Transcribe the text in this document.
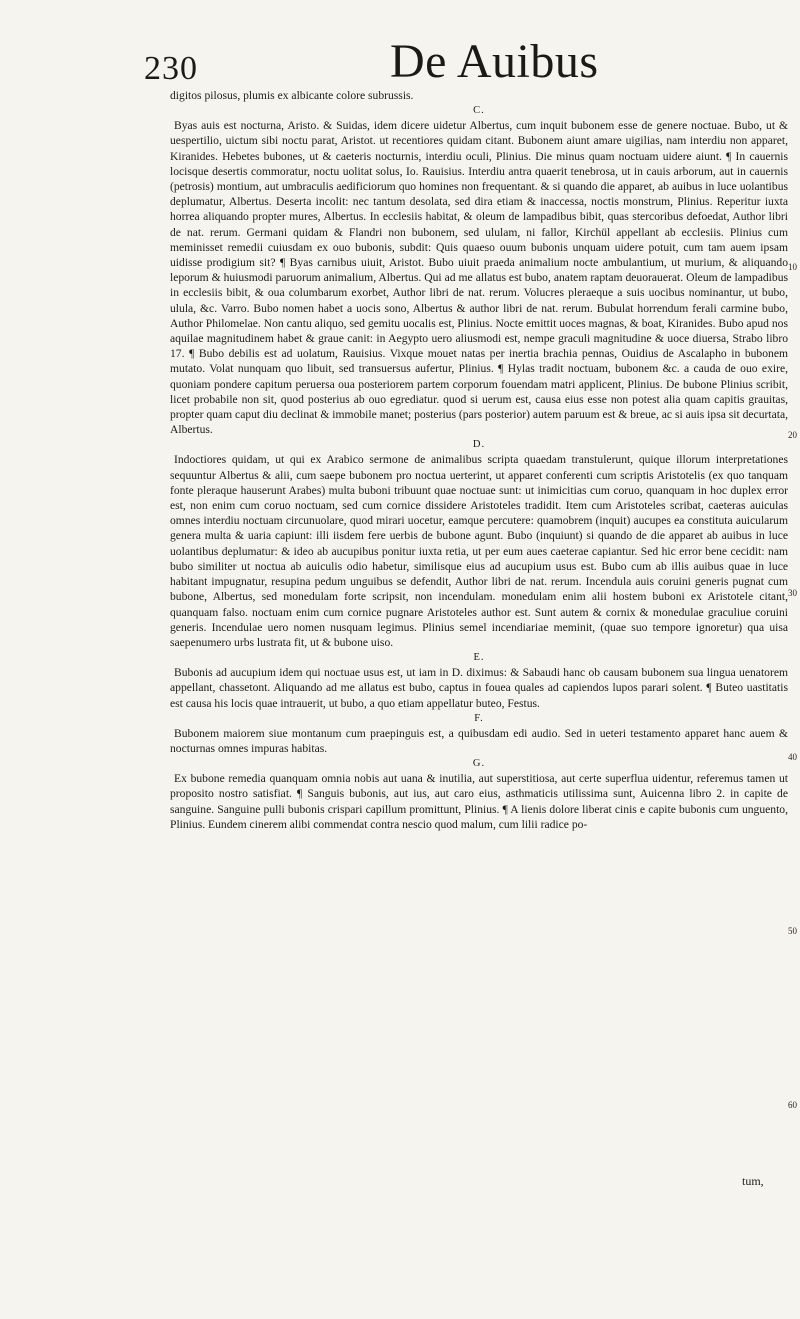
230	De Auibus

digitos pilosus, plumis ex albicante colore subrussis.

C.

Byas auis est nocturna, Aristo. & Suidas, idem dicere uidetur Albertus, cum inquit bubonem esse de genere noctuae. Bubo, ut & uespertilio, uictum sibi noctu parat, Aristot. ut recentiores quidam citant. Bubonem aiunt amare uigilias, nam interdiu non apparet, Kiranides. Hebetes bubones, ut & caeteris nocturnis, interdiu oculi, Plinius. Die minus quam noctuam uidere aiunt. ¶ In cauernis locisque desertis commoratur, noctu uolitat solus, Io. Rauisius. Interdiu antra quaerit tenebrosa, ut in cauis arborum, aut in cauernis (petrosis) montium, aut umbraculis aedificiorum quo homines non frequentant. & si quando die apparet, ab auibus in luce uolantibus deplumatur, Albertus. Deserta incolit: nec tantum desolata, sed dira etiam & inaccessa, noctis monstrum, Plinius. Reperitur iuxta horrea aliquando propter mures, Albertus. In ecclesiis habitat, & oleum de lampadibus bibit, quas stercoribus defoedat, Author libri de nat. rerum. Germani quidam & Flandri non bubonem, sed ululam, ni fallor, Kirchül appellant ab ecclesiis. Plinius cum meminisset remedii cuiusdam ex ouo bubonis, subdit: Quis quaeso ouum bubonis unquam uidere potuit, cum tam auem ipsam uidisse prodigium sit? ¶ Byas carnibus uiuit, Aristot. Bubo uiuit praeda animalium nocte ambulantium, ut murium, & aliquando leporum & huiusmodi paruorum animalium, Albertus. Qui ad me allatus est bubo, anatem raptam deuorauerat. Oleum de lampadibus in ecclesiis bibit, & oua columbarum exorbet, Author libri de nat. rerum. Volucres pleraeque a suis uocibus nominantur, ut bubo, ulula, &c. Varro. Bubo nomen habet a uocis sono, Albertus & author libri de nat. rerum. Bubulat horrendum ferali carmine bubo, Author Philomelae. Non cantu aliquo, sed gemitu uocalis est, Plinius. Nocte emittit uoces magnas, & boat, Kiranides. Bubo apud nos aquilae magnitudinem habet & graue canit: in Aegypto uero aliusmodi est, nempe graculi magnitudine & uoce diuersa, Strabo libro 17. ¶ Bubo debilis est ad uolatum, Rauisius. Vixque mouet natas per inertia brachia pennas, Ouidius de Ascalapho in bubonem mutato. Volat nunquam quo libuit, sed transuersus aufertur, Plinius. ¶ Hylas tradit noctuam, bubonem &c. a cauda de ouo exire, quoniam pondere capitum peruersa oua posteriorem partem corporum fouendam matri applicent, Plinius. De bubone Plinius scribit, licet probabile non sit, quod posterius ab ouo egrediatur. quod si uerum est, causa eius esse non potest alia quam capitis grauitas, propter quam caput diu declinat & immobile manet; posterius (pars posterior) autem paruum est & breue, ac si auis ipsa sit decurtata, Albertus.

D.

Indoctiores quidam, ut qui ex Arabico sermone de animalibus scripta quaedam transtulerunt, quique illorum interpretationes sequuntur Albertus & alii, cum saepe bubonem pro noctua uerterint, ut apparet conferenti cum scriptis Aristotelis (ex quo tanquam fonte pleraque hauserunt Arabes) multa buboni tribuunt quae noctuae sunt: ut inimicitias cum coruo, quanquam in hoc duplex error est, non enim cum coruo noctuam, sed cum cornice dissidere Aristoteles tradidit. Item cum Aristoteles scribat, caeteras auiculas omnes interdiu noctuam circunuolare, quod mirari uocetur, eamque percutere: quamobrem (inquit) aucupes ea constituta auicularum genera multa & uaria capiunt: illi iisdem fere uerbis de bubone agunt. Bubo (inquiunt) si quando de die apparet ab auibus in luce uolantibus deplumatur: & ideo ab aucupibus ponitur iuxta retia, ut per eum aues caeterae capiantur. Sed hic error bene cecidit: nam bubo similiter ut noctua ab auiculis odio habetur, similisque eius ad aucupium usus est. Bubo cum ab illis auibus quae in luce habitant impugnatur, resupina pedum unguibus se defendit, Author libri de nat. rerum. Incendula auis coruini generis pugnat cum bubone, Albertus, sed monedulam forte scripsit, non incendulam. monedulam enim alii hostem buboni ex Aristotele citant, quanquam falso. noctuam enim cum cornice pugnare Aristoteles author est. Sunt autem & cornix & monedulae graculiue coruini generis. Incendulae uero nomen nusquam legimus. Plinius semel incendiariae meminit, (quae suo tempore ignoretur) qua uisa saepenumero urbs lustrata fit, ut & bubone uiso.

E.

Bubonis ad aucupium idem qui noctuae usus est, ut iam in D. diximus: & Sabaudi hanc ob causam bubonem sua lingua uenatorem appellant, chassetont. Aliquando ad me allatus est bubo, captus in fouea quales ad capiendos lupos parari solent. ¶ Buteo uastitatis est causa his locis quae intrauerit, ut bubo, a quo etiam appellatur buteo, Festus.

F.

Bubonem maiorem siue montanum cum praepinguis est, a quibusdam edi audio. Sed in ueteri testamento apparet hanc auem & nocturnas omnes impuras habitas.

G.

Ex bubone remedia quanquam omnia nobis aut uana & inutilia, aut superstitiosa, aut certe superflua uidentur, referemus tamen ut proposito nostro satisfiat. ¶ Sanguis bubonis, aut ius, aut caro eius, asthmaticis utilissima sunt, Auicenna libro 2. in capite de sanguine. Sanguine pulli bubonis crispari capillum promittunt, Plinius. ¶ A lienis dolore liberat cinis e capite bubonis cum unguento, Plinius. Eundem cinerem alibi commendat contra nescio quod malum, cum lilii radice po-

tum,
10
20
30
40
50
60
